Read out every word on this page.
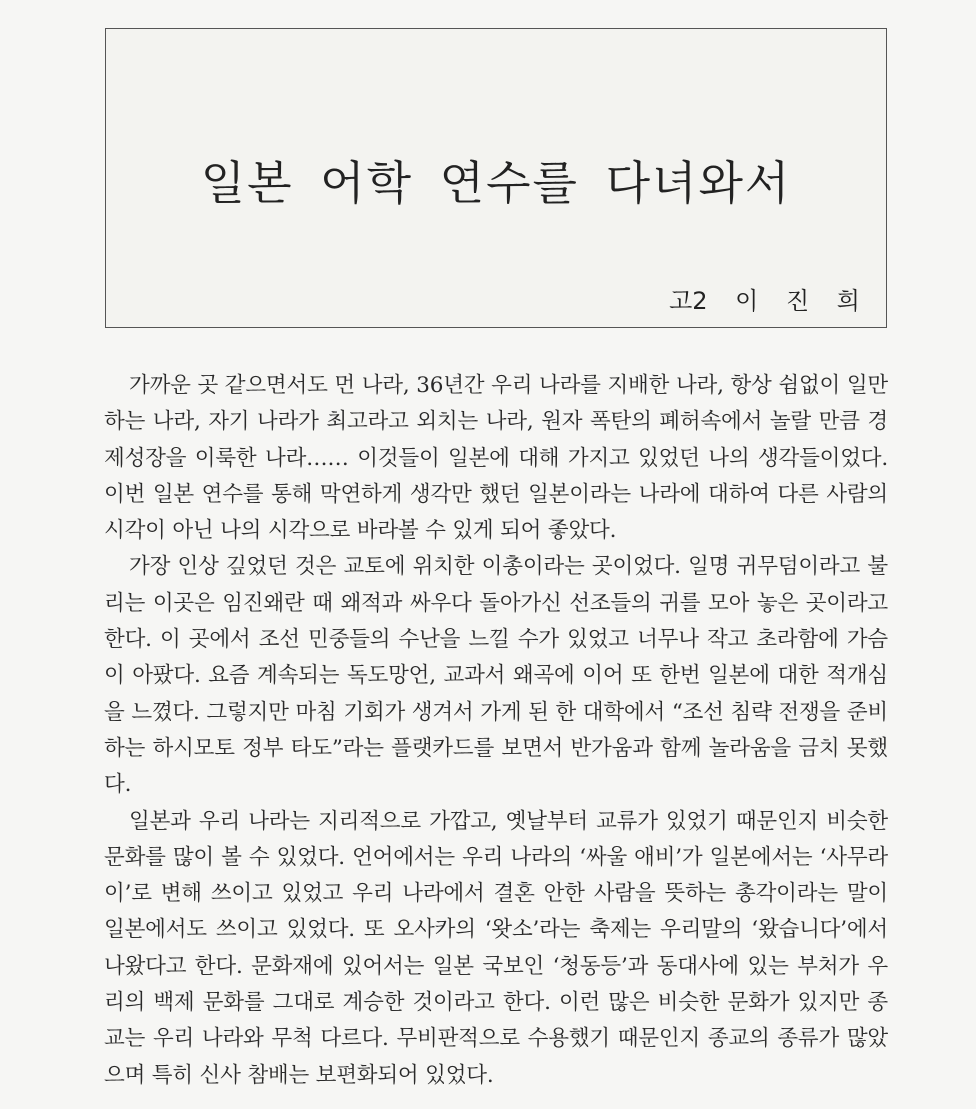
일본 어학 연수를 다녀와서
고2 이 진 희

가까운 곳 같으면서도 먼 나라, 36년간 우리 나라를 지배한 나라, 항상 쉼없이 일만 하는 나라, 자기 나라가 최고라고 외치는 나라, 원자 폭탄의 폐허속에서 놀랄 만큼 경제성장을 이룩한 나라…… 이것들이 일본에 대해 가지고 있었던 나의 생각들이었다. 이번 일본 연수를 통해 막연하게 생각만 했던 일본이라는 나라에 대하여 다른 사람의 시각이 아닌 나의 시각으로 바라볼 수 있게 되어 좋았다.

가장 인상 깊었던 것은 교토에 위치한 이총이라는 곳이었다. 일명 귀무덤이라고 불리는 이곳은 임진왜란 때 왜적과 싸우다 돌아가신 선조들의 귀를 모아 놓은 곳이라고 한다. 이 곳에서 조선 민중들의 수난을 느낄 수가 있었고 너무나 작고 초라함에 가슴이 아팠다. 요즘 계속되는 독도망언, 교과서 왜곡에 이어 또 한번 일본에 대한 적개심을 느꼈다. 그렇지만 마침 기회가 생겨서 가게 된 한 대학에서 “조선 침략 전쟁을 준비하는 하시모토 정부 타도”라는 플랫카드를 보면서 반가움과 함께 놀라움을 금치 못했다.

일본과 우리 나라는 지리적으로 가깝고, 옛날부터 교류가 있었기 때문인지 비슷한 문화를 많이 볼 수 있었다. 언어에서는 우리 나라의 ‘싸울 애비’가 일본에서는 ‘사무라이’로 변해 쓰이고 있었고 우리 나라에서 결혼 안한 사람을 뜻하는 총각이라는 말이 일본에서도 쓰이고 있었다. 또 오사카의 ‘왓소’라는 축제는 우리말의 ‘왔습니다’에서 나왔다고 한다. 문화재에 있어서는 일본 국보인 ‘청동등’과 동대사에 있는 부처가 우리의 백제 문화를 그대로 계승한 것이라고 한다. 이런 많은 비슷한 문화가 있지만 종교는 우리 나라와 무척 다르다. 무비판적으로 수용했기 때문인지 종교의 종류가 많았으며 특히 신사 참배는 보편화되어 있었다.
